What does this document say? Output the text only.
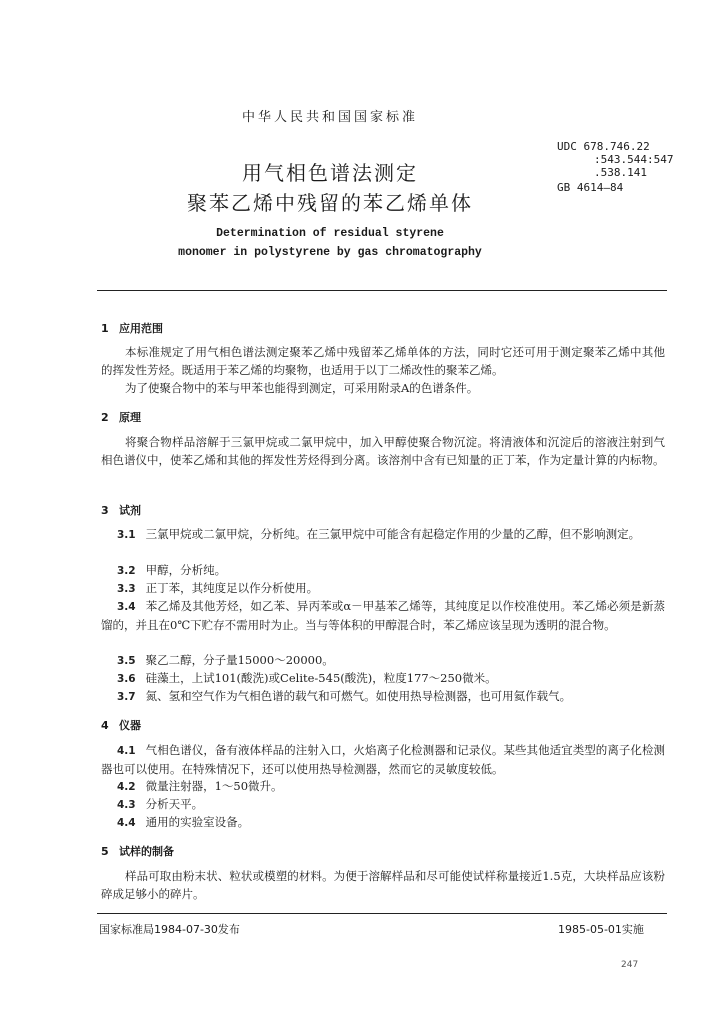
中华人民共和国国家标准
UDC 678.746.22
:543.544:547
.538.141
GB 4614—84
用气相色谱法测定
聚苯乙烯中残留的苯乙烯单体
Determination of residual styrene
monomer in polystyrene by gas chromatography
1 应用范围
本标准规定了用气相色谱法测定聚苯乙烯中残留苯乙烯单体的方法，同时它还可用于测定聚苯乙烯中其他的挥发性芳烃。既适用于苯乙烯的均聚物，也适用于以丁二烯改性的聚苯乙烯。
为了使聚合物中的苯与甲苯也能得到测定，可采用附录A的色谱条件。
2 原理
将聚合物样品溶解于三氯甲烷或二氯甲烷中，加入甲醇使聚合物沉淀。将清液体和沉淀后的溶液注射到气相色谱仪中，使苯乙烯和其他的挥发性芳烃得到分离。该溶剂中含有已知量的正丁苯，作为定量计算的内标物。
3 试剂
3.1 三氯甲烷或二氯甲烷，分析纯。在三氯甲烷中可能含有起稳定作用的少量的乙醇，但不影响测定。
3.2 甲醇，分析纯。
3.3 正丁苯，其纯度足以作分析使用。
3.4 苯乙烯及其他芳烃，如乙苯、异丙苯或α－甲基苯乙烯等，其纯度足以作校准使用。苯乙烯必须是新蒸馏的，并且在0℃下贮存不需用时为止。当与等体积的甲醇混合时，苯乙烯应该呈现为透明的混合物。
3.5 聚乙二醇，分子量15000～20000。
3.6 硅藻土，上试101(酸洗)或Celite-545(酸洗)，粒度177～250微米。
3.7 氮、氢和空气作为气相色谱的载气和可燃气。如使用热导检测器，也可用氦作载气。
4 仪器
4.1 气相色谱仪，备有液体样品的注射入口，火焰离子化检测器和记录仪。某些其他适宜类型的离子化检测器也可以使用。在特殊情况下，还可以使用热导检测器，然而它的灵敏度较低。
4.2 微量注射器，1～50微升。
4.3 分析天平。
4.4 通用的实验室设备。
5 试样的制备
样品可取由粉末状、粒状或模塑的材料。为便于溶解样品和尽可能使试样称量接近1.5克，大块样品应该粉碎成足够小的碎片。
国家标准局1984-07-30发布	1985-05-01实施
247
